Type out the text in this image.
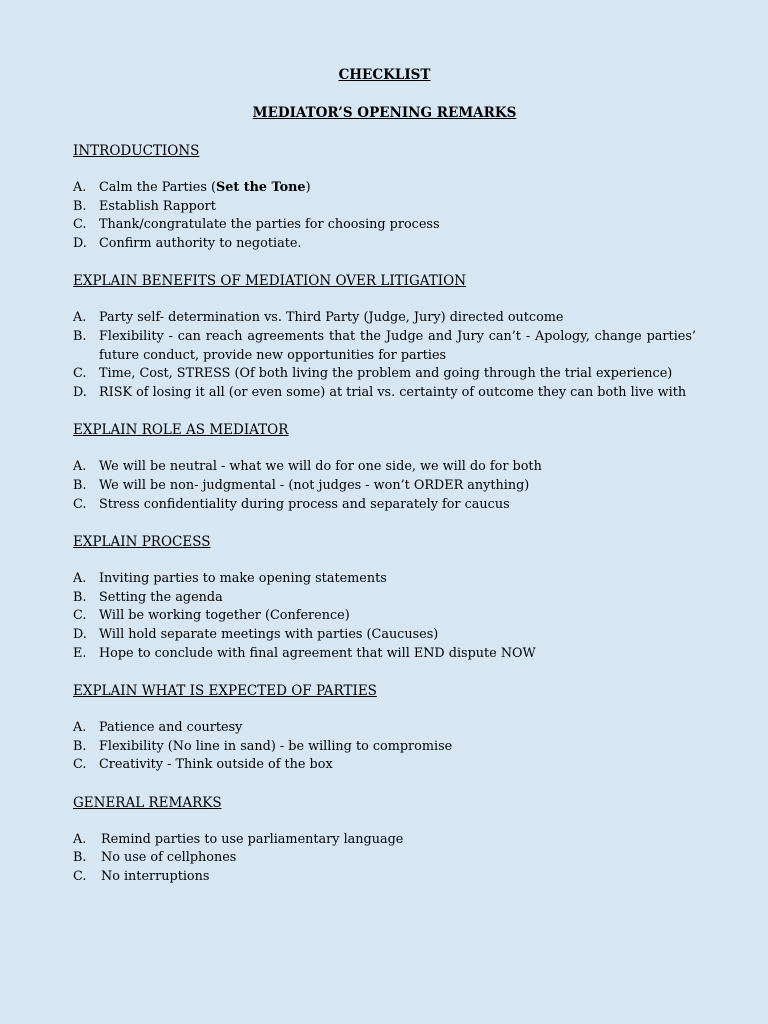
CHECKLIST
MEDIATOR’S OPENING REMARKS
INTRODUCTIONS
A. Calm the Parties (Set the Tone)
B. Establish Rapport
C. Thank/congratulate the parties for choosing process
D. Confirm authority to negotiate.
EXPLAIN BENEFITS OF MEDIATION OVER LITIGATION
A. Party self- determination vs. Third Party (Judge, Jury) directed outcome
B. Flexibility - can reach agreements that the Judge and Jury can’t - Apology, change parties’ future conduct, provide new opportunities for parties
C. Time, Cost, STRESS (Of both living the problem and going through the trial experience)
D. RISK of losing it all (or even some) at trial vs. certainty of outcome they can both live with
EXPLAIN ROLE AS MEDIATOR
A. We will be neutral - what we will do for one side, we will do for both
B. We will be non- judgmental - (not judges - won’t ORDER anything)
C. Stress confidentiality during process and separately for caucus
EXPLAIN PROCESS
A. Inviting parties to make opening statements
B. Setting the agenda
C. Will be working together (Conference)
D. Will hold separate meetings with parties (Caucuses)
E. Hope to conclude with final agreement that will END dispute NOW
EXPLAIN WHAT IS EXPECTED OF PARTIES
A. Patience and courtesy
B. Flexibility (No line in sand) - be willing to compromise
C. Creativity - Think outside of the box
GENERAL REMARKS
A.	Remind parties to use parliamentary language
B.	No use of cellphones
C.	No interruptions
